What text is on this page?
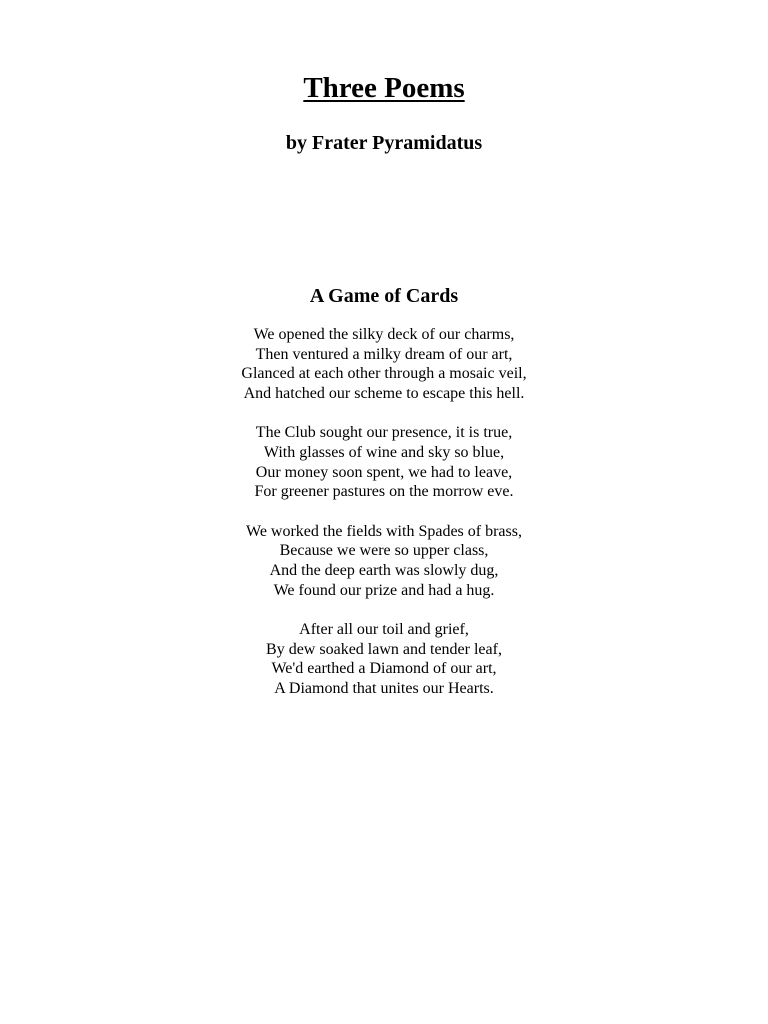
Three Poems
by Frater Pyramidatus
A Game of Cards
We opened the silky deck of our charms,
Then ventured a milky dream of our art,
Glanced at each other through a mosaic veil,
And hatched our scheme to escape this hell.
The Club sought our presence, it is true,
With glasses of wine and sky so blue,
Our money soon spent, we had to leave,
For greener pastures on the morrow eve.
We worked the fields with Spades of brass,
Because we were so upper class,
And the deep earth was slowly dug,
We found our prize and had a hug.
After all our toil and grief,
By dew soaked lawn and tender leaf,
We'd earthed a Diamond of our art,
A Diamond that unites our Hearts.
